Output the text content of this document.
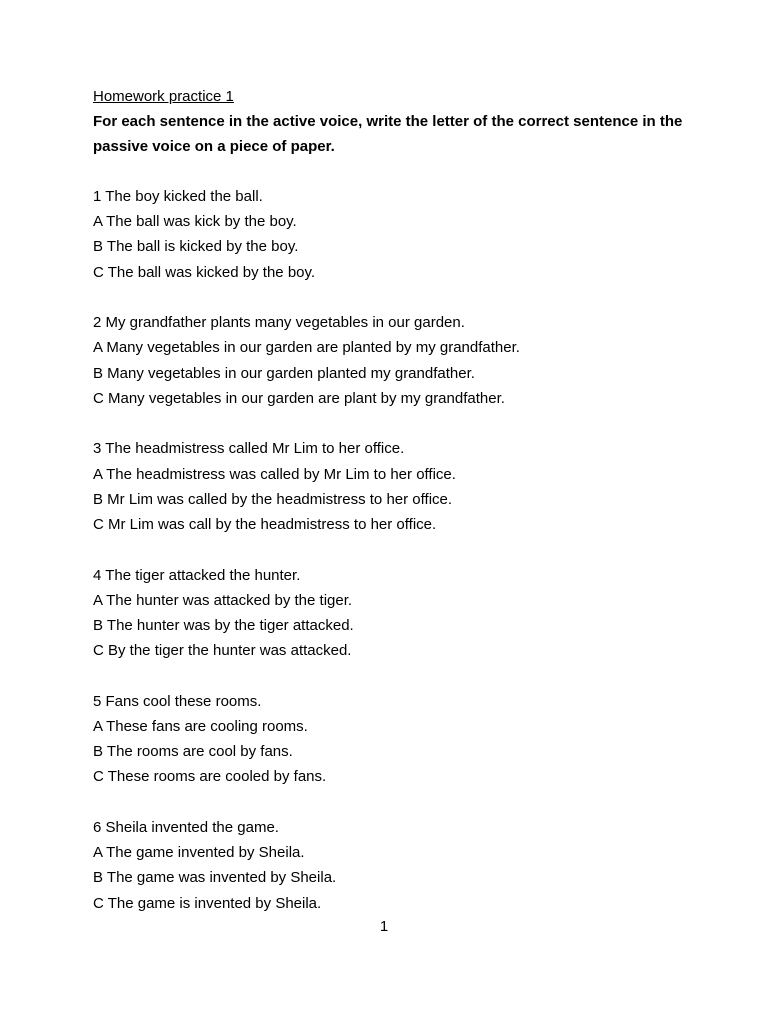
Homework practice 1
For each sentence in the active voice, write the letter of the correct sentence in the passive voice on a piece of paper.
1 The boy kicked the ball.
A The ball was kick by the boy.
B The ball is kicked by the boy.
C The ball was kicked by the boy.
2 My grandfather plants many vegetables in our garden.
A Many vegetables in our garden are planted by my grandfather.
B Many vegetables in our garden planted my grandfather.
C Many vegetables in our garden are plant by my grandfather.
3 The headmistress called Mr Lim to her office.
A The headmistress was called by Mr Lim to her office.
B Mr Lim was called by the headmistress to her office.
C Mr Lim was call by the headmistress to her office.
4 The tiger attacked the hunter.
A The hunter was attacked by the tiger.
B The hunter was by the tiger attacked.
C By the tiger the hunter was attacked.
5 Fans cool these rooms.
A These fans are cooling rooms.
B The rooms are cool by fans.
C These rooms are cooled by fans.
6 Sheila invented the game.
A The game invented by Sheila.
B The game was invented by Sheila.
C The game is invented by Sheila.
1
